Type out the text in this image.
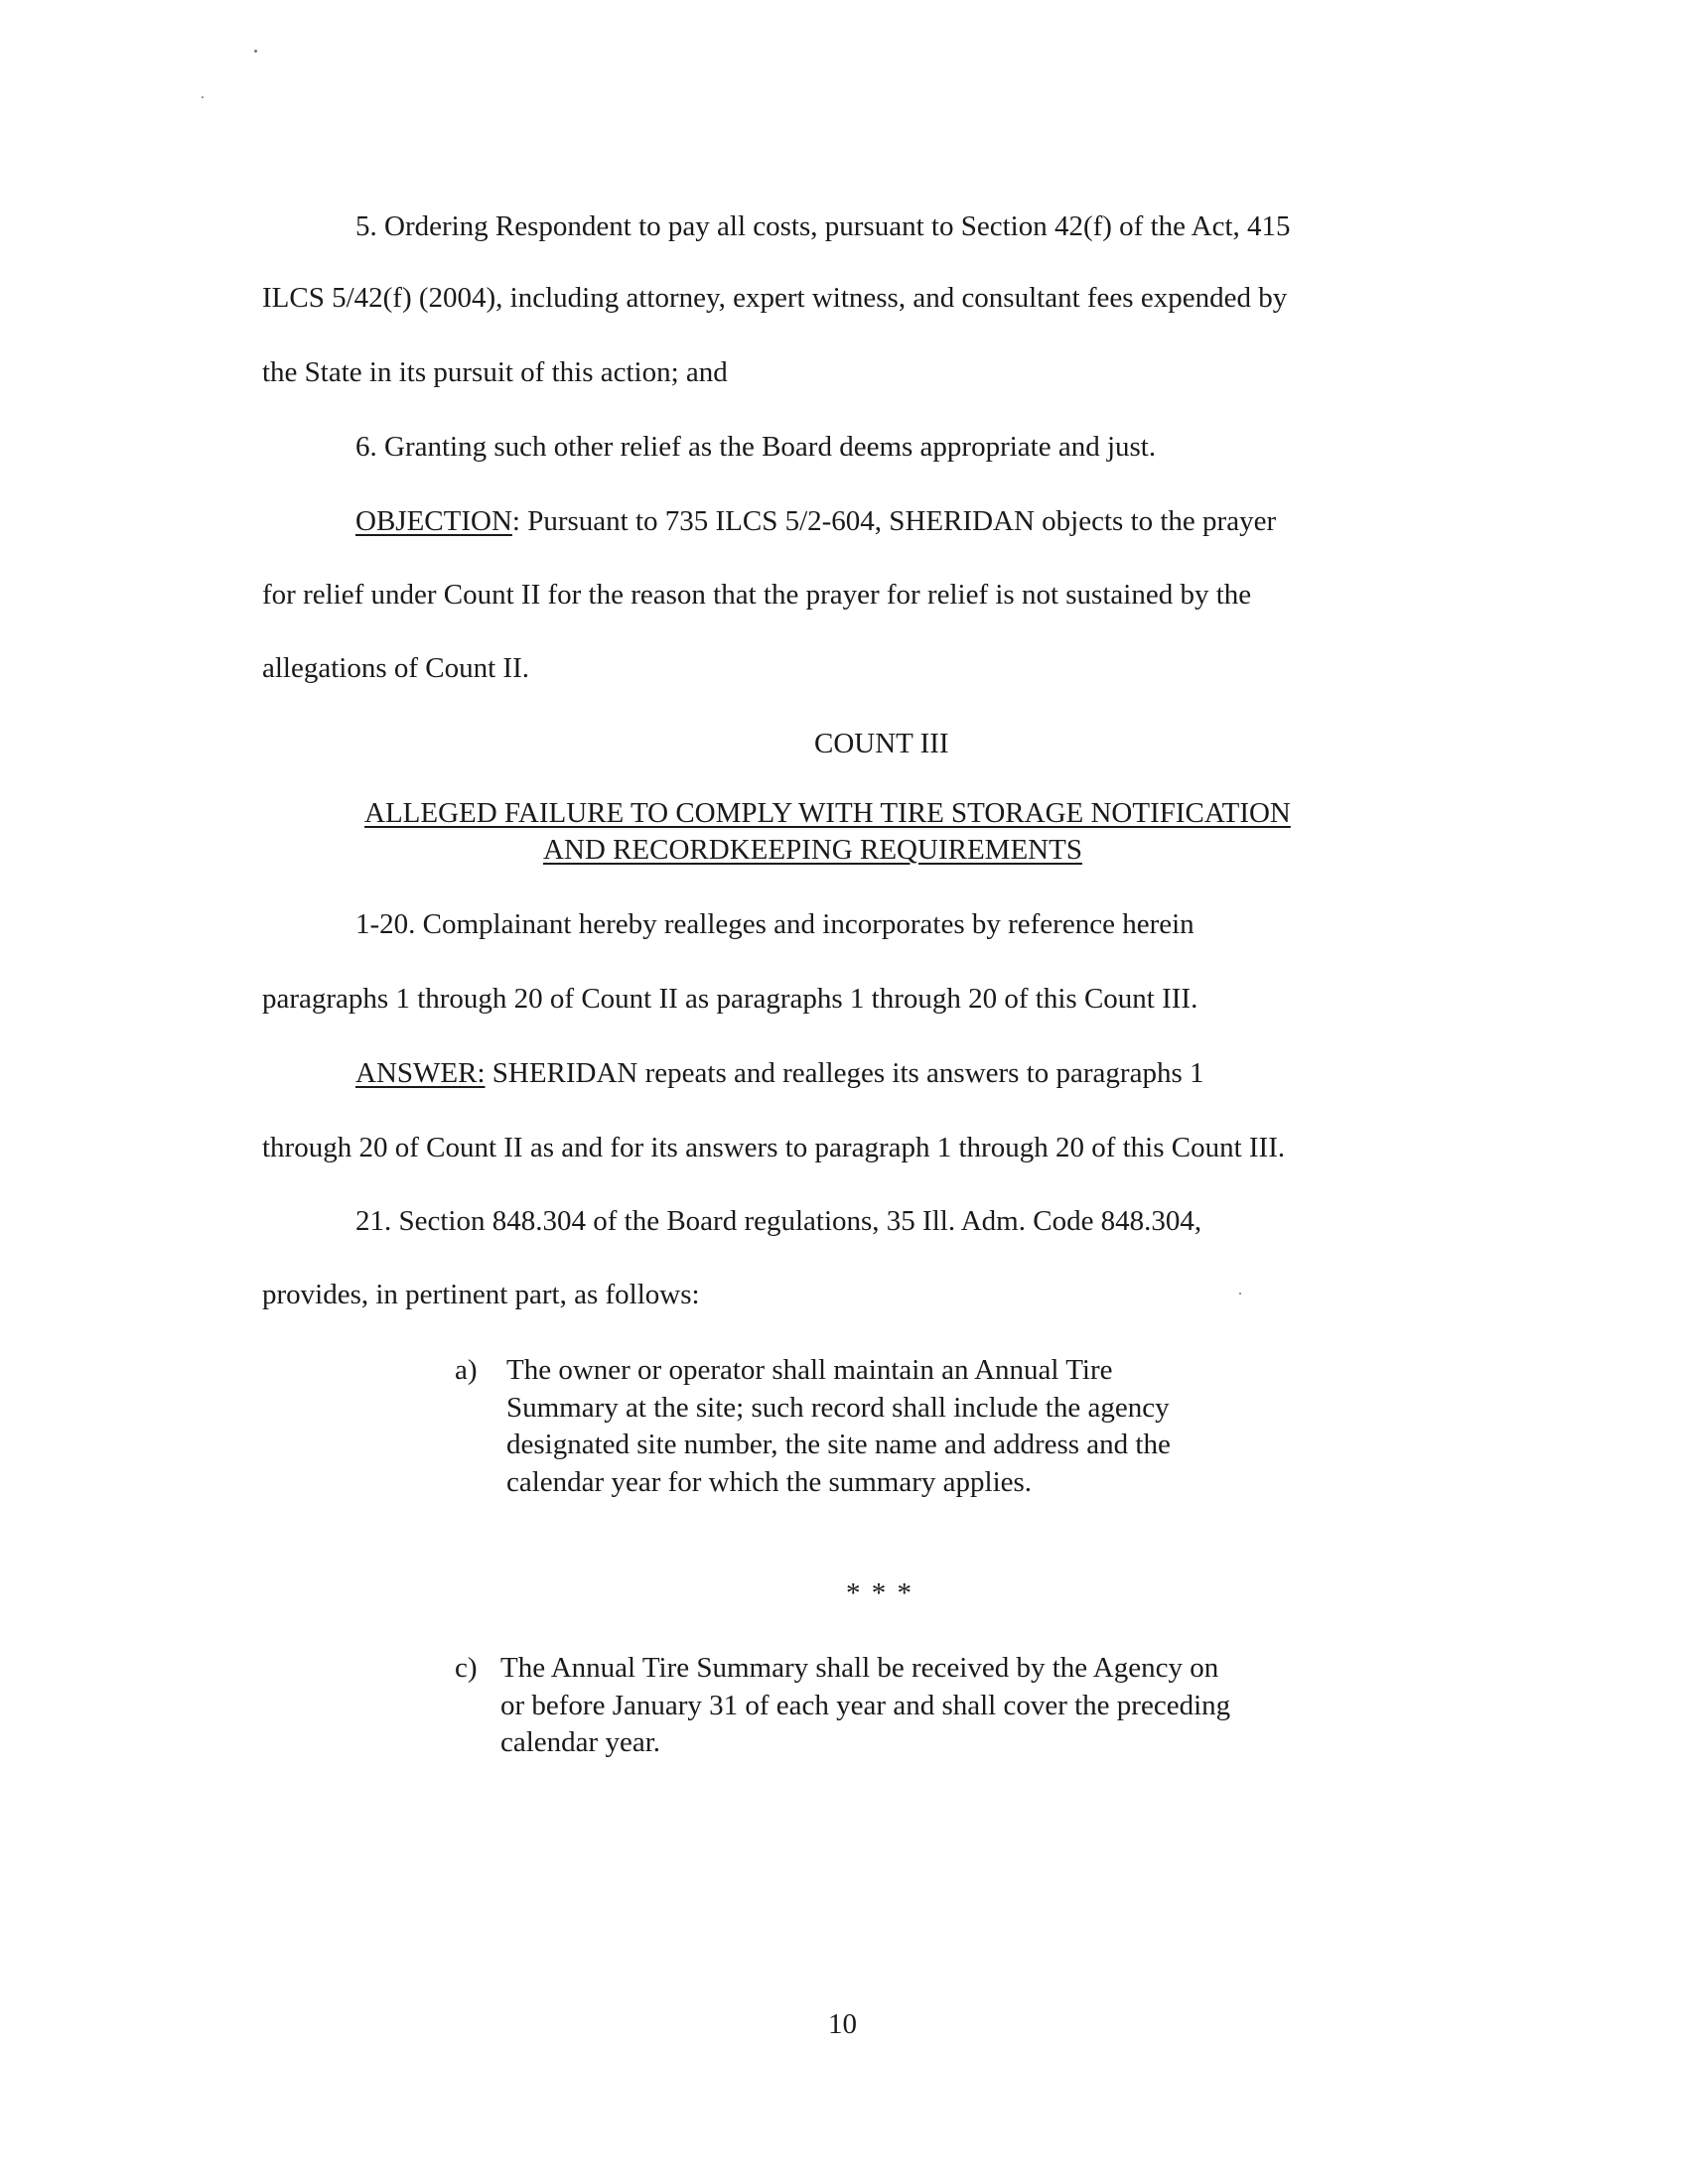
5. Ordering Respondent to pay all costs, pursuant to Section 42(f) of the Act, 415
ILCS 5/42(f) (2004), including attorney, expert witness, and consultant fees expended by
the State in its pursuit of this action; and
6. Granting such other relief as the Board deems appropriate and just.
OBJECTION: Pursuant to 735 ILCS 5/2-604, SHERIDAN objects to the prayer
for relief under Count II for the reason that the prayer for relief is not sustained by the
allegations of Count II.
COUNT III
ALLEGED FAILURE TO COMPLY WITH TIRE STORAGE NOTIFICATION
AND RECORDKEEPING REQUIREMENTS
1-20. Complainant hereby realleges and incorporates by reference herein
paragraphs 1 through 20 of Count II as paragraphs 1 through 20 of this Count III.
ANSWER: SHERIDAN repeats and realleges its answers to paragraphs 1
through 20 of Count II as and for its answers to paragraph 1 through 20 of this Count III.
21. Section 848.304 of the Board regulations, 35 Ill. Adm. Code 848.304,
provides, in pertinent part, as follows:
a) The owner or operator shall maintain an Annual Tire Summary at the site; such record shall include the agency designated site number, the site name and address and the calendar year for which the summary applies.
* * *
c) The Annual Tire Summary shall be received by the Agency on or before January 31 of each year and shall cover the preceding calendar year.
10
